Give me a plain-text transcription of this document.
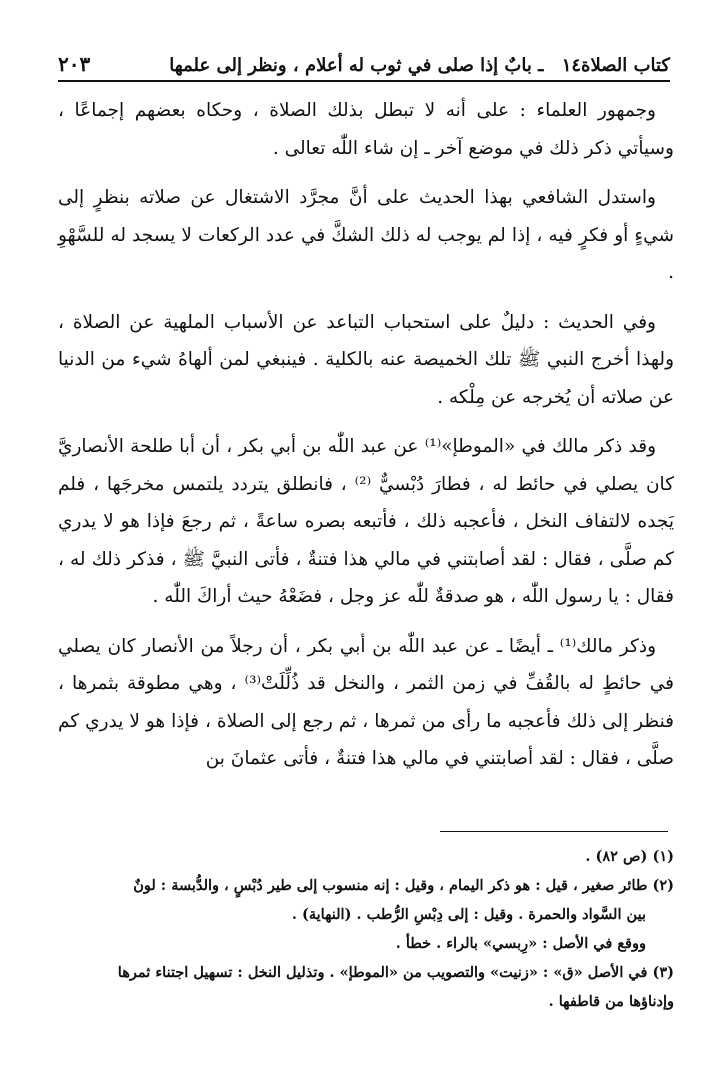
كتاب الصلاة١٤ ـ بابٌ إذا صلى في ثوب له أعلام ، ونظر إلى علمها
٢٠٣

وجمهور العلماء : على أنه لا تبطل بذلك الصلاة ، وحكاه بعضهم إجماعًا ، وسيأتي ذكر ذلك في موضع آخر ـ إن شاء اللّٰه تعالى .

واستدل الشافعي بهذا الحديث على أنَّ مجرَّد الاشتغال عن صلاته بنظرٍ إلى شيءٍ أو فكرٍ فيه ، إذا لم يوجب له ذلك الشكَّ في عدد الركعات لا يسجد له للسَّهْوِ .

وفي الحديث : دليلٌ على استحباب التباعد عن الأسباب الملهية عن الصلاة ، ولهذا أخرج النبي ﷺ تلك الخميصة عنه بالكلية . فينبغي لمن ألهاهُ شيء من الدنيا عن صلاته أن يُخرجه عن مِلْكه .

وقد ذكر مالك في «الموطإ»⁽¹⁾ عن عبد اللّٰه بن أبي بكر ، أن أبا طلحة الأنصاريَّ كان يصلي في حائط له ، فطارَ دُبْسيٌّ ⁽²⁾ ، فانطلق يتردد يلتمس مخرجَها ، فلم يَجده لالتفاف النخل ، فأعجبه ذلك ، فأتبعه بصره ساعةً ، ثم رجعَ فإذا هو لا يدري كم صلَّى ، فقال : لقد أصابتني في مالي هذا فتنةٌ ، فأتى النبيَّ ﷺ ، فذكر ذلك له ، فقال : يا رسول اللّٰه ، هو صدقةٌ للّٰه عز وجل ، فضَعْهُ حيث أراكَ اللّٰه .

وذكر مالك⁽¹⁾ ـ أيضًا ـ عن عبد اللّٰه بن أبي بكر ، أن رجلاً من الأنصار كان يصلي في حائطٍ له بالقُفِّ في زمن الثمر ، والنخل قد ذُلِّلَتْ⁽³⁾ ، وهي مطوقة بثمرها ، فنظر إلى ذلك فأعجبه ما رأى من ثمرها ، ثم رجع إلى الصلاة ، فإذا هو لا يدري كم صلَّى ، فقال : لقد أصابتني في مالي هذا فتنةٌ ، فأتى عثمانَ بن

(١) (ص ٨٢) .
(٢) طائر صغير ، قيل : هو ذكر اليمام ، وقيل : إنه منسوب إلى طير دُبْسٍ ، والدُّبسة : لونٌ
بين السَّواد والحمرة . وقيل : إلى دِبْسِ الرُّطب . (النهاية) .
ووقع في الأصل : «رِبسي» بالراء . خطأ .
(٣) في الأصل «ق» : «زنيت» والتصويب من «الموطإ» . وتذليل النخل : تسهيل اجتناء ثمرها
وإدناؤها من قاطفها .
